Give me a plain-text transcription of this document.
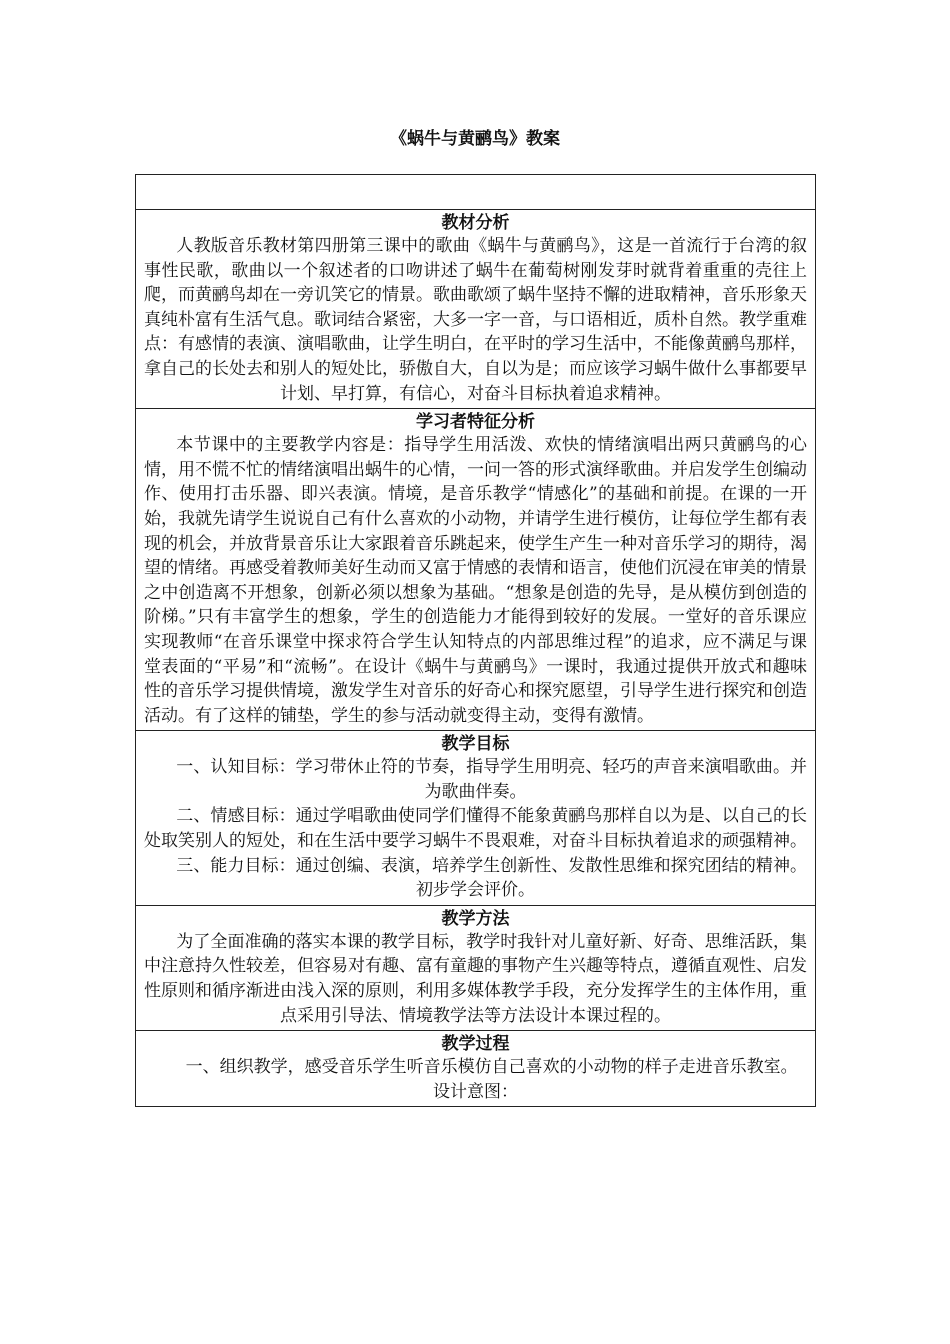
《蜗牛与黄鹂鸟》教案
教材分析
人教版音乐教材第四册第三课中的歌曲《蜗牛与黄鹂鸟》，这是一首流行于台湾的叙事性民歌，歌曲以一个叙述者的口吻讲述了蜗牛在葡萄树刚发芽时就背着重重的壳往上爬，而黄鹂鸟却在一旁讥笑它的情景。歌曲歌颂了蜗牛坚持不懈的进取精神，音乐形象天真纯朴富有生活气息。歌词结合紧密，大多一字一音，与口语相近，质朴自然。教学重难点：有感情的表演、演唱歌曲，让学生明白，在平时的学习生活中，不能像黄鹂鸟那样，拿自己的长处去和别人的短处比，骄傲自大，自以为是；而应该学习蜗牛做什么事都要早计划、早打算，有信心，对奋斗目标执着追求精神。
学习者特征分析
本节课中的主要教学内容是：指导学生用活泼、欢快的情绪演唱出两只黄鹂鸟的心情，用不慌不忙的情绪演唱出蜗牛的心情，一问一答的形式演绎歌曲。并启发学生创编动作、使用打击乐器、即兴表演。情境，是音乐教学“情感化”的基础和前提。在课的一开始，我就先请学生说说自己有什么喜欢的小动物，并请学生进行模仿，让每位学生都有表现的机会，并放背景音乐让大家跟着音乐跳起来，使学生产生一种对音乐学习的期待，渴望的情绪。再感受着教师美好生动而又富于情感的表情和语言，使他们沉浸在审美的情景之中创造离不开想象，创新必须以想象为基础。“想象是创造的先导，是从模仿到创造的阶梯。”只有丰富学生的想象，学生的创造能力才能得到较好的发展。一堂好的音乐课应实现教师“在音乐课堂中探求符合学生认知特点的内部思维过程”的追求，应不满足与课堂表面的“平易”和“流畅”。在设计《蜗牛与黄鹂鸟》一课时，我通过提供开放式和趣味性的音乐学习提供情境，激发学生对音乐的好奇心和探究愿望，引导学生进行探究和创造活动。有了这样的铺垫，学生的参与活动就变得主动，变得有激情。
教学目标
一、认知目标：学习带休止符的节奏，指导学生用明亮、轻巧的声音来演唱歌曲。并为歌曲伴奏。
二、情感目标：通过学唱歌曲使同学们懂得不能象黄鹂鸟那样自以为是、以自己的长处取笑别人的短处，和在生活中要学习蜗牛不畏艰难，对奋斗目标执着追求的顽强精神。
三、能力目标：通过创编、表演，培养学生创新性、发散性思维和探究团结的精神。初步学会评价。
教学方法
为了全面准确的落实本课的教学目标，教学时我针对儿童好新、好奇、思维活跃，集中注意持久性较差，但容易对有趣、富有童趣的事物产生兴趣等特点，遵循直观性、启发性原则和循序渐进由浅入深的原则，利用多媒体教学手段，充分发挥学生的主体作用，重点采用引导法、情境教学法等方法设计本课过程的。
教学过程
一、组织教学，感受音乐学生听音乐模仿自己喜欢的小动物的样子走进音乐教室。
设计意图：
